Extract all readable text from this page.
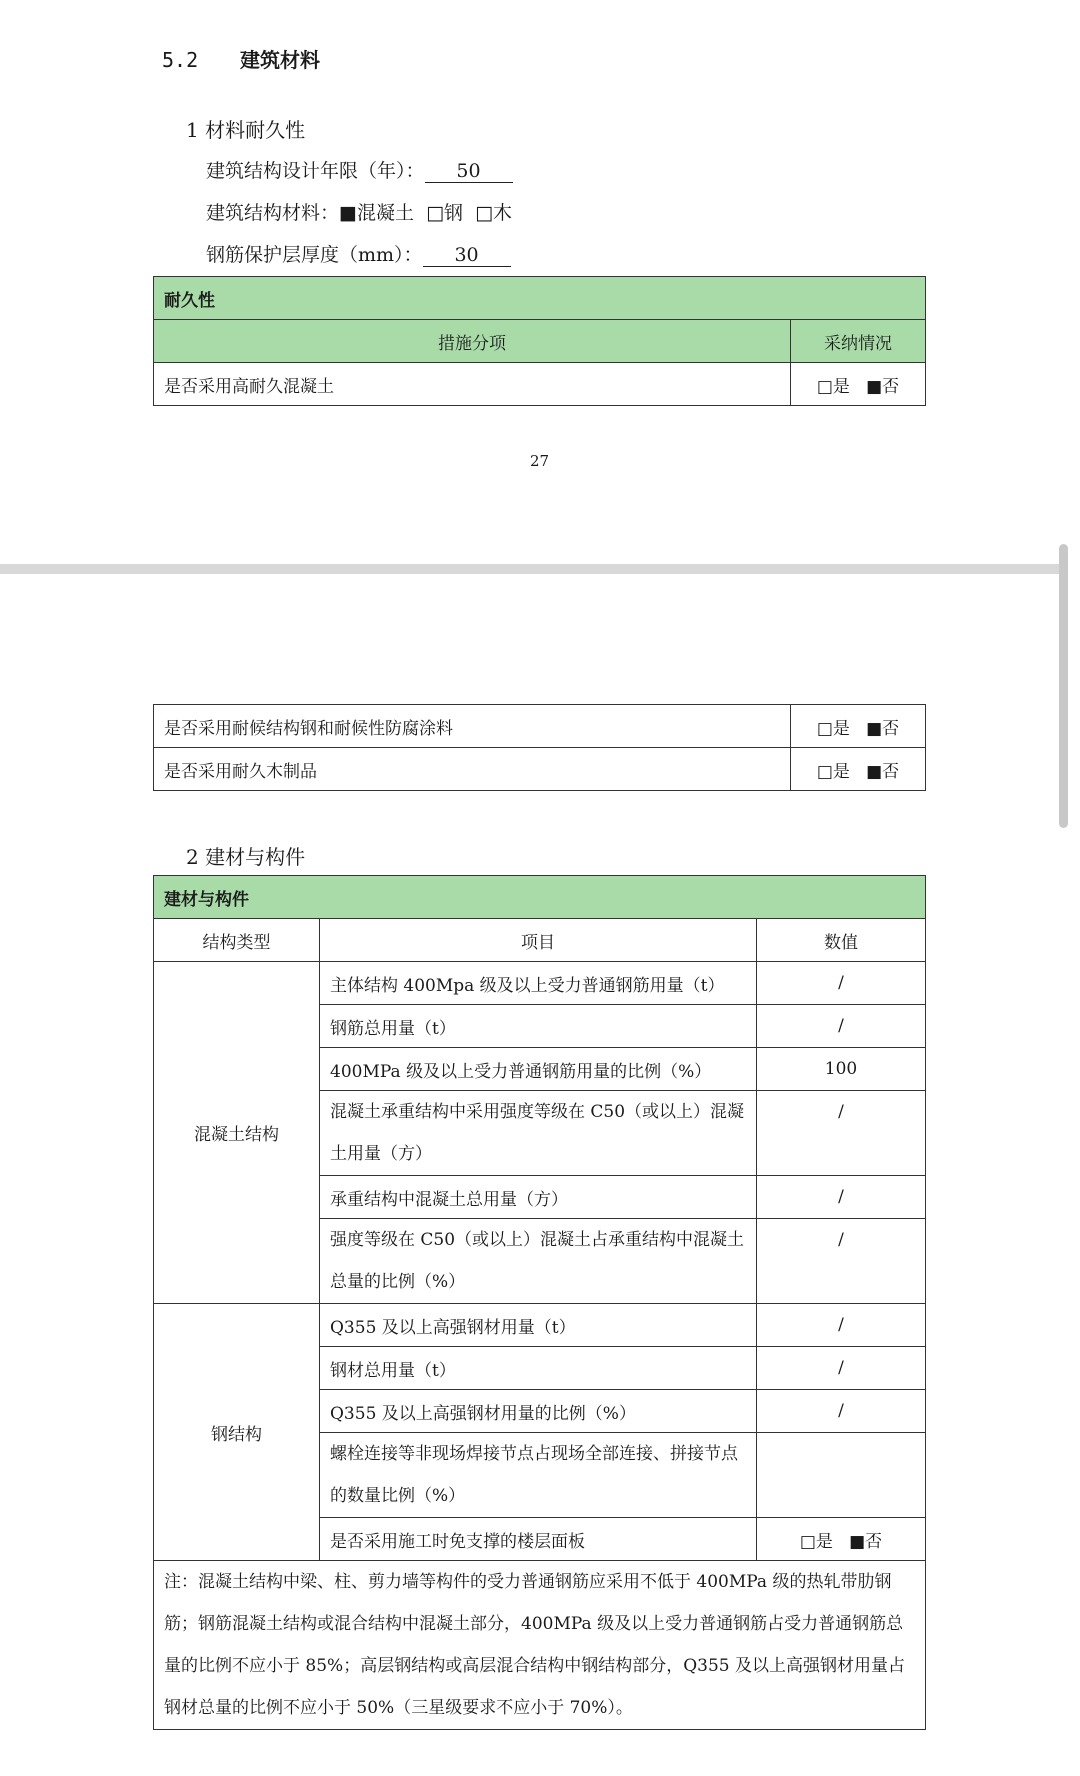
5.2 建筑材料
1 材料耐久性
建筑结构设计年限（年）： 50
建筑结构材料：■混凝土 □钢 □木
钢筋保护层厚度（mm）： 30
耐久性	
措施分项	采纳情况
是否采用高耐久混凝土	□是 ■否
27
是否采用耐候结构钢和耐候性防腐涂料	□是 ■否
是否采用耐久木制品	□是 ■否
2 建材与构件
建材与构件		
结构类型	项目	数值
混凝土结构	主体结构 400Mpa 级及以上受力普通钢筋用量（t）	/
	钢筋总用量（t）	/
	400MPa 级及以上受力普通钢筋用量的比例（%）	100
	混凝土承重结构中采用强度等级在 C50（或以上）混凝土用量（方）	/
	承重结构中混凝土总用量（方）	/
	强度等级在 C50（或以上）混凝土占承重结构中混凝土总量的比例（%）	/
钢结构	Q355 及以上高强钢材用量（t）	/
	钢材总用量（t）	/
	Q355 及以上高强钢材用量的比例（%）	/
	螺栓连接等非现场焊接节点占现场全部连接、拼接节点的数量比例（%）	
	是否采用施工时免支撑的楼层面板	□是 ■否
注：混凝土结构中梁、柱、剪力墙等构件的受力普通钢筋应采用不低于 400MPa 级的热轧带肋钢筋；钢筋混凝土结构或混合结构中混凝土部分，400MPa 级及以上受力普通钢筋占受力普通钢筋总量的比例不应小于 85%；高层钢结构或高层混合结构中钢结构部分，Q355 及以上高强钢材用量占钢材总量的比例不应小于 50%（三星级要求不应小于 70%）。		
